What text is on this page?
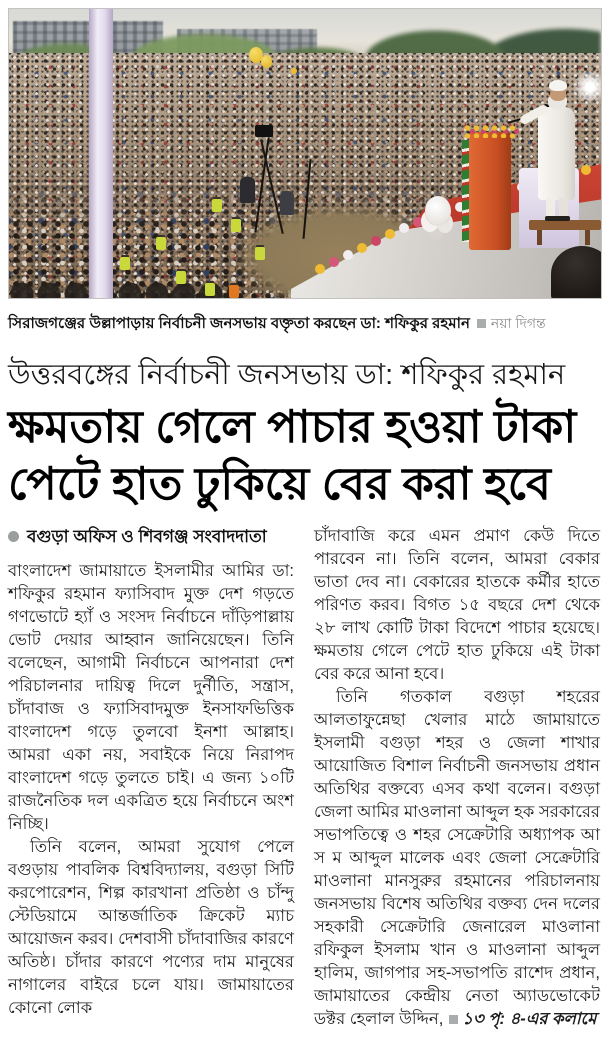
সিরাজগঞ্জের উল্লাপাড়ায় নির্বাচনী জনসভায় বক্তৃতা করছেন ডা: শফিকুর রহমান নয়া দিগন্ত
উত্তরবঙ্গের নির্বাচনী জনসভায় ডা: শফিকুর রহমান
ক্ষমতায় গেলে পাচার হওয়া টাকা
পেটে হাত ঢুকিয়ে বের করা হবে
বগুড়া অফিস ও শিবগঞ্জ সংবাদদাতা

বাংলাদেশ জামায়াতে ইসলামীর আমির ডা: শফিকুর রহমান ফ্যাসিবাদ মুক্ত দেশ গড়তে গণভোটে হ্যাঁ ও সংসদ নির্বাচনে দাঁড়িপাল্লায় ভোট দেয়ার আহ্বান জানিয়েছেন। তিনি বলেছেন, আগামী নির্বাচনে আপনারা দেশ পরিচালনার দায়িত্ব দিলে দুর্নীতি, সন্ত্রাস, চাঁদাবাজ ও ফ্যাসিবাদমুক্ত ইনসাফভিত্তিক বাংলাদেশ গড়ে তুলবো ইনশা আল্লাহ। আমরা একা নয়, সবাইকে নিয়ে নিরাপদ বাংলাদেশ গড়ে তুলতে চাই। এ জন্য ১০টি রাজনৈতিক দল একত্রিত হয়ে নির্বাচনে অংশ নিচ্ছি।

তিনি বলেন, আমরা সুযোগ পেলে বগুড়ায় পাবলিক বিশ্ববিদ্যালয়, বগুড়া সিটি করপোরেশন, শিল্প কারখানা প্রতিষ্ঠা ও চাঁন্দু স্টেডিয়ামে আন্তর্জাতিক ক্রিকেট ম্যাচ আয়োজন করব। দেশবাসী চাঁদাবাজির কারণে অতিষ্ঠ। চাঁদার কারণে পণ্যের দাম মানুষের নাগালের বাইরে চলে যায়। জামায়াতের কোনো লোক

চাঁদাবাজি করে এমন প্রমাণ কেউ দিতে পারবেন না। তিনি বলেন, আমরা বেকার ভাতা দেব না। বেকারের হাতকে কর্মীর হাতে পরিণত করব। বিগত ১৫ বছরে দেশ থেকে ২৮ লাখ কোটি টাকা বিদেশে পাচার হয়েছে। ক্ষমতায় গেলে পেটে হাত ঢুকিয়ে এই টাকা বের করে আনা হবে।

তিনি গতকাল বগুড়া শহরের আলতাফুন্নেছা খেলার মাঠে জামায়াতে ইসলামী বগুড়া শহর ও জেলা শাখার আয়োজিত বিশাল নির্বাচনী জনসভায় প্রধান অতিথির বক্তব্যে এসব কথা বলেন। বগুড়া জেলা আমির মাওলানা আব্দুল হক সরকারের সভাপতিত্বে ও শহর সেক্রেটারি অধ্যাপক আ স ম আব্দুল মালেক এবং জেলা সেক্রেটারি মাওলানা মানসুরুর রহমানের পরিচালনায় জনসভায় বিশেষ অতিথির বক্তব্য দেন দলের সহকারী সেক্রেটারি জেনারেল মাওলানা রফিকুল ইসলাম খান ও মাওলানা আব্দুল হালিম, জাগপার সহ-সভাপতি রাশেদ প্রধান, জামায়াতের কেন্দ্রীয় নেতা অ্যাডভোকেট ডক্টর হেলাল উদ্দিন, ১৩ পৃ: ৪-এর কলামে
